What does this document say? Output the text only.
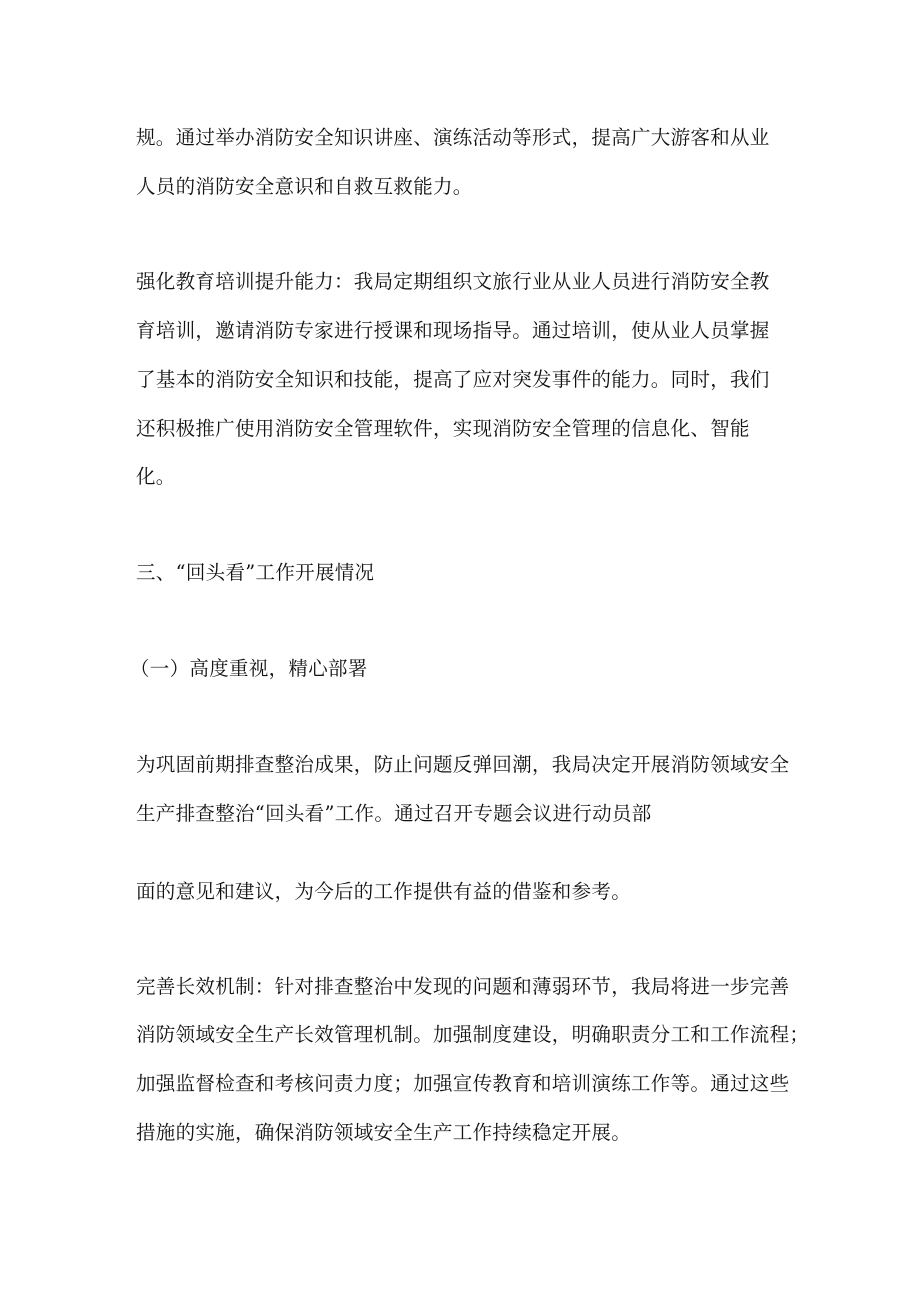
规。通过举办消防安全知识讲座、演练活动等形式，提高广大游客和从业
人员的消防安全意识和自救互救能力。
强化教育培训提升能力：我局定期组织文旅行业从业人员进行消防安全教
育培训，邀请消防专家进行授课和现场指导。通过培训，使从业人员掌握
了基本的消防安全知识和技能，提高了应对突发事件的能力。同时，我们
还积极推广使用消防安全管理软件，实现消防安全管理的信息化、智能
化。
三、“回头看”工作开展情况
（一）高度重视，精心部署
为巩固前期排查整治成果，防止问题反弹回潮，我局决定开展消防领域安全
生产排查整治“回头看”工作。通过召开专题会议进行动员部
面的意见和建议，为今后的工作提供有益的借鉴和参考。
完善长效机制：针对排查整治中发现的问题和薄弱环节，我局将进一步完善
消防领域安全生产长效管理机制。加强制度建设，明确职责分工和工作流程；
加强监督检查和考核问责力度；加强宣传教育和培训演练工作等。通过这些
措施的实施，确保消防领域安全生产工作持续稳定开展。
